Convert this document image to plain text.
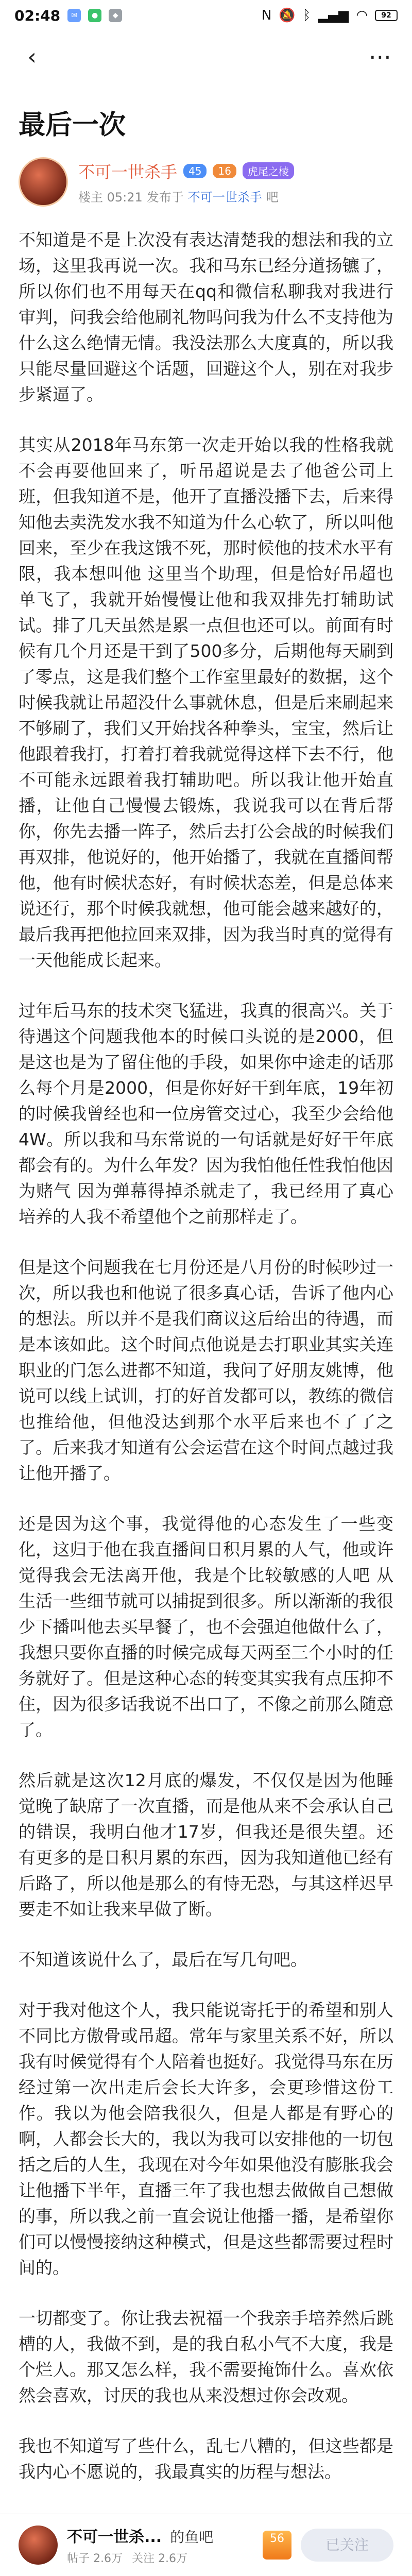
02:48	✉	●	◆	N 🔕 ᛒ ▂▄▆ ◠	92
‹	⋯
最后一次
不可一世杀手	45	16	虎尾之棱
楼主 05:21 发布于 不可一世杀手 吧

不知道是不是上次没有表达清楚我的想法和我的立场，这里我再说一次。我和马东已经分道扬镳了，所以你们也不用每天在qq和微信私聊我对我进行审判，问我会给他刷礼物吗问我为什么不支持他为什么这么绝情无情。我没法那么大度真的，所以我只能尽量回避这个话题，回避这个人，别在对我步步紧逼了。

其实从2018年马东第一次走开始以我的性格我就不会再要他回来了，听吊超说是去了他爸公司上班，但我知道不是，他开了直播没播下去，后来得知他去卖洗发水我不知道为什么心软了，所以叫他回来，至少在我这饿不死，那时候他的技术水平有限，我本想叫他 这里当个助理，但是恰好吊超也单飞了，我就开始慢慢让他和我双排先打辅助试试。排了几天虽然是累一点但也还可以。前面有时候有几个月还是干到了500多分，后期他每天刷到了零点，这是我们整个工作室里最好的数据，这个时候我就让吊超没什么事就休息，但是后来刷起来不够刷了，我们又开始找各种拳头，宝宝，然后让他跟着我打，打着打着我就觉得这样下去不行，他不可能永远跟着我打辅助吧。所以我让他开始直播，让他自己慢慢去锻炼，我说我可以在背后帮你，你先去播一阵子，然后去打公会战的时候我们再双排，他说好的，他开始播了，我就在直播间帮他，他有时候状态好，有时候状态差，但是总体来说还行，那个时候我就想，他可能会越来越好的，最后我再把他拉回来双排，因为我当时真的觉得有一天他能成长起来。

过年后马东的技术突飞猛进，我真的很高兴。关于待遇这个问题我他本的时候口头说的是2000，但是这也是为了留住他的手段，如果你中途走的话那么每个月是2000，但是你好好干到年底，19年初的时候我曾经也和一位房管交过心，我至少会给他4W。所以我和马东常说的一句话就是好好干年底都会有的。为什么年发？因为我怕他任性我怕他因为赌气 因为弹幕得掉杀就走了，我已经用了真心培养的人我不希望他个之前那样走了。

但是这个问题我在七月份还是八月份的时候吵过一次，所以我也和他说了很多真心话，告诉了他内心的想法。所以并不是我们商议这后给出的待遇，而是本该如此。这个时间点他说是去打职业其实关连职业的门怎么进都不知道，我问了好朋友姚博，他说可以线上试训，打的好首发都可以，教练的微信也推给他，但他没达到那个水平后来也不了了之了。后来我才知道有公会运营在这个时间点越过我让他开播了。

还是因为这个事，我觉得他的心态发生了一些变化，这归于他在我直播间日积月累的人气，他或许觉得我会无法离开他，我是个比较敏感的人吧 从生活一些细节就可以捕捉到很多。所以渐渐的我很少下播叫他去买早餐了，也不会强迫他做什么了，我想只要你直播的时候完成每天两至三个小时的任务就好了。但是这种心态的转变其实我有点压抑不住，因为很多话我说不出口了，不像之前那么随意了。

然后就是这次12月底的爆发，不仅仅是因为他睡觉晚了缺席了一次直播，而是他从来不会承认自己的错误，我明白他才17岁，但我还是很失望。还有更多的是日积月累的东西，因为我知道他已经有后路了，所以他是那么的有恃无恐，与其这样迟早要走不如让我来早做了断。

不知道该说什么了，最后在写几句吧。

对于我对他这个人，我只能说寄托于的希望和别人不同比方傲骨或吊超。常年与家里关系不好，所以我有时候觉得有个人陪着也挺好。我觉得马东在历经过第一次出走后会长大许多，会更珍惜这份工作。我以为他会陪我很久，但是人都是有野心的啊，人都会长大的，我以为我可以安排他的一切包括之后的人生，我现在对今年如果他没有膨胀我会让他播下半年，直播三年了我也想去做做自己想做的事，所以我之前一直会说让他播一播，是希望你们可以慢慢接纳这种模式，但是这些都需要过程时间的。

一切都变了。你让我去祝福一个我亲手培养然后跳槽的人，我做不到，是的我自私小气不大度，我是个烂人。那又怎么样，我不需要掩饰什么。喜欢依然会喜欢，讨厌的我也从来没想过你会改观。

我也不知道写了些什么，乱七八糟的，但这些都是我内心不愿说的，我最真实的历程与想法。

不可一世杀... 的鱼吧
帖子 2.6万 关注 2.6万
56	已关注
